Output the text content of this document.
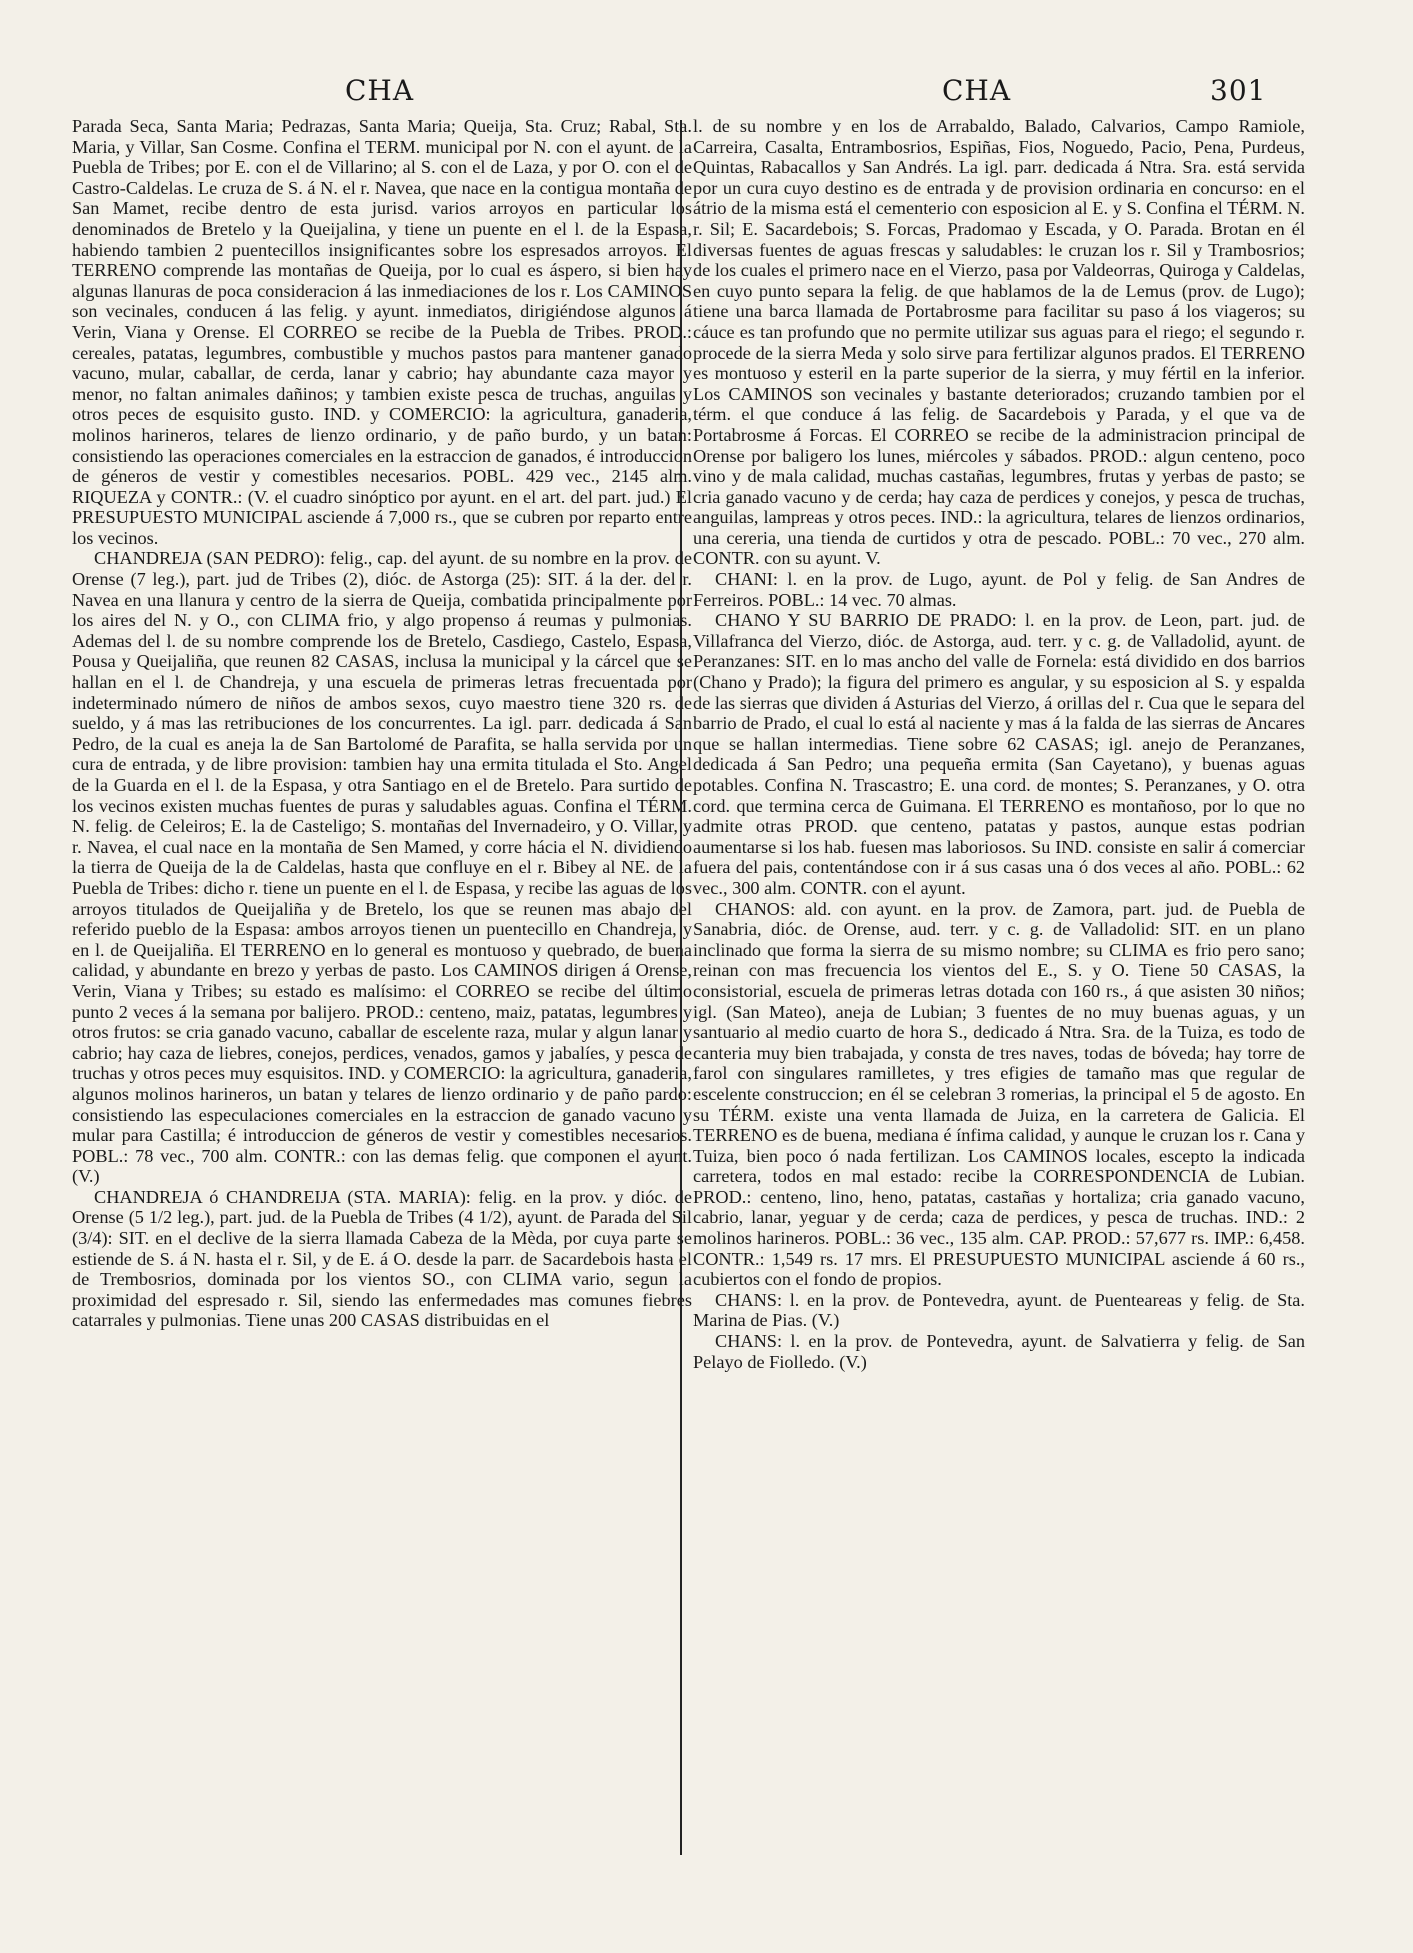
CHA	CHA	301

Parada Seca, Santa Maria; Pedrazas, Santa Maria; Queija, Sta. Cruz; Rabal, Sta. Maria, y Villar, San Cosme. Confina el TERM. municipal por N. con el ayunt. de la Puebla de Tribes; por E. con el de Villarino; al S. con el de Laza, y por O. con el de Castro-Caldelas. Le cruza de S. á N. el r. Navea, que nace en la contigua montaña de San Mamet, recibe dentro de esta jurisd. varios arroyos en particular los denominados de Bretelo y la Queijalina, y tiene un puente en el l. de la Espasa, habiendo tambien 2 puentecillos insignificantes sobre los espresados arroyos. El TERRENO comprende las montañas de Queija, por lo cual es áspero, si bien hay algunas llanuras de poca consideracion á las inmediaciones de los r. Los CAMINOS son vecinales, conducen á las felig. y ayunt. inmediatos, dirigiéndose algunos á Verin, Viana y Orense. El CORREO se recibe de la Puebla de Tribes. PROD.: cereales, patatas, legumbres, combustible y muchos pastos para mantener ganado vacuno, mular, caballar, de cerda, lanar y cabrio; hay abundante caza mayor y menor, no faltan animales dañinos; y tambien existe pesca de truchas, anguilas y otros peces de esquisito gusto. IND. y COMERCIO: la agricultura, ganaderia, molinos harineros, telares de lienzo ordinario, y de paño burdo, y un batan: consistiendo las operaciones comerciales en la estraccion de ganados, é introduccion de géneros de vestir y comestibles necesarios. POBL. 429 vec., 2145 alm. RIQUEZA y CONTR.: (V. el cuadro sinóptico por ayunt. en el art. del part. jud.) El PRESUPUESTO MUNICIPAL asciende á 7,000 rs., que se cubren por reparto entre los vecinos.

CHANDREJA (SAN PEDRO): felig., cap. del ayunt. de su nombre en la prov. de Orense (7 leg.), part. jud de Tribes (2), dióc. de Astorga (25): SIT. á la der. del r. Navea en una llanura y centro de la sierra de Queija, combatida principalmente por los aires del N. y O., con CLIMA frio, y algo propenso á reumas y pulmonias. Ademas del l. de su nombre comprende los de Bretelo, Casdiego, Castelo, Espasa, Pousa y Queijaliña, que reunen 82 CASAS, inclusa la municipal y la cárcel que se hallan en el l. de Chandreja, y una escuela de primeras letras frecuentada por indeterminado número de niños de ambos sexos, cuyo maestro tiene 320 rs. de sueldo, y á mas las retribuciones de los concurrentes. La igl. parr. dedicada á San Pedro, de la cual es aneja la de San Bartolomé de Parafita, se halla servida por un cura de entrada, y de libre provision: tambien hay una ermita titulada el Sto. Angel de la Guarda en el l. de la Espasa, y otra Santiago en el de Bretelo. Para surtido de los vecinos existen muchas fuentes de puras y saludables aguas. Confina el TÉRM. N. felig. de Celeiros; E. la de Casteligo; S. montañas del Invernadeiro, y O. Villar, y r. Navea, el cual nace en la montaña de Sen Mamed, y corre hácia el N. dividiendo la tierra de Queija de la de Caldelas, hasta que confluye en el r. Bibey al NE. de la Puebla de Tribes: dicho r. tiene un puente en el l. de Espasa, y recibe las aguas de los arroyos titulados de Queijaliña y de Bretelo, los que se reunen mas abajo del referido pueblo de la Espasa: ambos arroyos tienen un puentecillo en Chandreja, y en l. de Queijaliña. El TERRENO en lo general es montuoso y quebrado, de buena calidad, y abundante en brezo y yerbas de pasto. Los CAMINOS dirigen á Orense, Verin, Viana y Tribes; su estado es malísimo: el CORREO se recibe del último punto 2 veces á la semana por balijero. PROD.: centeno, maiz, patatas, legumbres y otros frutos: se cria ganado vacuno, caballar de escelente raza, mular y algun lanar y cabrio; hay caza de liebres, conejos, perdices, venados, gamos y jabalíes, y pesca de truchas y otros peces muy esquisitos. IND. y COMERCIO: la agricultura, ganaderia, algunos molinos harineros, un batan y telares de lienzo ordinario y de paño pardo: consistiendo las especulaciones comerciales en la estraccion de ganado vacuno y mular para Castilla; é introduccion de géneros de vestir y comestibles necesarios. POBL.: 78 vec., 700 alm. CONTR.: con las demas felig. que componen el ayunt. (V.)

CHANDREJA ó CHANDREIJA (STA. MARIA): felig. en la prov. y dióc. de Orense (5 1/2 leg.), part. jud. de la Puebla de Tribes (4 1/2), ayunt. de Parada del Sil (3/4): SIT. en el declive de la sierra llamada Cabeza de la Mèda, por cuya parte se estiende de S. á N. hasta el r. Sil, y de E. á O. desde la parr. de Sacardebois hasta el de Trembosrios, dominada por los vientos SO., con CLIMA vario, segun la proximidad del espresado r. Sil, siendo las enfermedades mas comunes fiebres catarrales y pulmonias. Tiene unas 200 CASAS distribuidas en el

l. de su nombre y en los de Arrabaldo, Balado, Calvarios, Campo Ramiole, Carreira, Casalta, Entrambosrios, Espiñas, Fios, Noguedo, Pacio, Pena, Purdeus, Quintas, Rabacallos y San Andrés. La igl. parr. dedicada á Ntra. Sra. está servida por un cura cuyo destino es de entrada y de provision ordinaria en concurso: en el átrio de la misma está el cementerio con esposicion al E. y S. Confina el TÉRM. N. r. Sil; E. Sacardebois; S. Forcas, Pradomao y Escada, y O. Parada. Brotan en él diversas fuentes de aguas frescas y saludables: le cruzan los r. Sil y Trambosrios; de los cuales el primero nace en el Vierzo, pasa por Valdeorras, Quiroga y Caldelas, en cuyo punto separa la felig. de que hablamos de la de Lemus (prov. de Lugo); tiene una barca llamada de Portabrosme para facilitar su paso á los viageros; su cáuce es tan profundo que no permite utilizar sus aguas para el riego; el segundo r. procede de la sierra Meda y solo sirve para fertilizar algunos prados. El TERRENO es montuoso y esteril en la parte superior de la sierra, y muy fértil en la inferior. Los CAMINOS son vecinales y bastante deteriorados; cruzando tambien por el térm. el que conduce á las felig. de Sacardebois y Parada, y el que va de Portabrosme á Forcas. El CORREO se recibe de la administracion principal de Orense por baligero los lunes, miércoles y sábados. PROD.: algun centeno, poco vino y de mala calidad, muchas castañas, legumbres, frutas y yerbas de pasto; se cria ganado vacuno y de cerda; hay caza de perdices y conejos, y pesca de truchas, anguilas, lampreas y otros peces. IND.: la agricultura, telares de lienzos ordinarios, una cereria, una tienda de curtidos y otra de pescado. POBL.: 70 vec., 270 alm. CONTR. con su ayunt. V.

CHANI: l. en la prov. de Lugo, ayunt. de Pol y felig. de San Andres de Ferreiros. POBL.: 14 vec. 70 almas.

CHANO Y SU BARRIO DE PRADO: l. en la prov. de Leon, part. jud. de Villafranca del Vierzo, dióc. de Astorga, aud. terr. y c. g. de Valladolid, ayunt. de Peranzanes: SIT. en lo mas ancho del valle de Fornela: está dividido en dos barrios (Chano y Prado); la figura del primero es angular, y su esposicion al S. y espalda de las sierras que dividen á Asturias del Vierzo, á orillas del r. Cua que le separa del barrio de Prado, el cual lo está al naciente y mas á la falda de las sierras de Ancares que se hallan intermedias. Tiene sobre 62 CASAS; igl. anejo de Peranzanes, dedicada á San Pedro; una pequeña ermita (San Cayetano), y buenas aguas potables. Confina N. Trascastro; E. una cord. de montes; S. Peranzanes, y O. otra cord. que termina cerca de Guimana. El TERRENO es montañoso, por lo que no admite otras PROD. que centeno, patatas y pastos, aunque estas podrian aumentarse si los hab. fuesen mas laboriosos. Su IND. consiste en salir á comerciar fuera del pais, contentándose con ir á sus casas una ó dos veces al año. POBL.: 62 vec., 300 alm. CONTR. con el ayunt.

CHANOS: ald. con ayunt. en la prov. de Zamora, part. jud. de Puebla de Sanabria, dióc. de Orense, aud. terr. y c. g. de Valladolid: SIT. en un plano inclinado que forma la sierra de su mismo nombre; su CLIMA es frio pero sano; reinan con mas frecuencia los vientos del E., S. y O. Tiene 50 CASAS, la consistorial, escuela de primeras letras dotada con 160 rs., á que asisten 30 niños; igl. (San Mateo), aneja de Lubian; 3 fuentes de no muy buenas aguas, y un santuario al medio cuarto de hora S., dedicado á Ntra. Sra. de la Tuiza, es todo de canteria muy bien trabajada, y consta de tres naves, todas de bóveda; hay torre de farol con singulares ramilletes, y tres efigies de tamaño mas que regular de escelente construccion; en él se celebran 3 romerias, la principal el 5 de agosto. En su TÉRM. existe una venta llamada de Juiza, en la carretera de Galicia. El TERRENO es de buena, mediana é ínfima calidad, y aunque le cruzan los r. Cana y Tuiza, bien poco ó nada fertilizan. Los CAMINOS locales, escepto la indicada carretera, todos en mal estado: recibe la CORRESPONDENCIA de Lubian. PROD.: centeno, lino, heno, patatas, castañas y hortaliza; cria ganado vacuno, cabrio, lanar, yeguar y de cerda; caza de perdices, y pesca de truchas. IND.: 2 molinos harineros. POBL.: 36 vec., 135 alm. CAP. PROD.: 57,677 rs. IMP.: 6,458. CONTR.: 1,549 rs. 17 mrs. El PRESUPUESTO MUNICIPAL asciende á 60 rs., cubiertos con el fondo de propios.

CHANS: l. en la prov. de Pontevedra, ayunt. de Puenteareas y felig. de Sta. Marina de Pias. (V.)

CHANS: l. en la prov. de Pontevedra, ayunt. de Salvatierra y felig. de San Pelayo de Fiolledo. (V.)
